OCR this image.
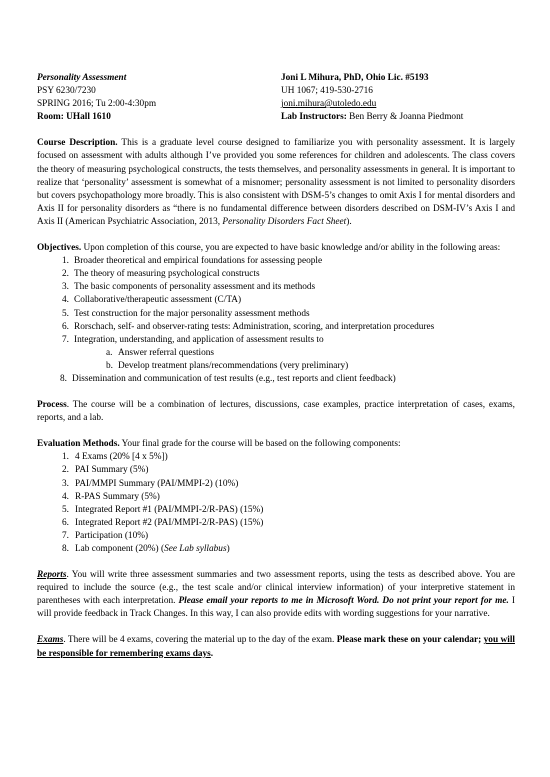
Personality Assessment
PSY 6230/7230
SPRING 2016; Tu 2:00-4:30pm
Room: UHall 1610
Joni L Mihura, PhD, Ohio Lic. #5193
UH 1067; 419-530-2716
joni.mihura@utoledo.edu
Lab Instructors: Ben Berry & Joanna Piedmont

Course Description. This is a graduate level course designed to familiarize you with personality assessment. It is largely focused on assessment with adults although I’ve provided you some references for children and adolescents. The class covers the theory of measuring psychological constructs, the tests themselves, and personality assessments in general. It is important to realize that ‘personality’ assessment is somewhat of a misnomer; personality assessment is not limited to personality disorders but covers psychopathology more broadly. This is also consistent with DSM-5’s changes to omit Axis I for mental disorders and Axis II for personality disorders as “there is no fundamental difference between disorders described on DSM-IV’s Axis I and Axis II (American Psychiatric Association, 2013, Personality Disorders Fact Sheet).

Objectives. Upon completion of this course, you are expected to have basic knowledge and/or ability in the following areas:

1. Broader theoretical and empirical foundations for assessing people
2. The theory of measuring psychological constructs
3. The basic components of personality assessment and its methods
4. Collaborative/therapeutic assessment (C/TA)
5. Test construction for the major personality assessment methods
6. Rorschach, self- and observer-rating tests: Administration, scoring, and interpretation procedures
7. Integration, understanding, and application of assessment results to
a. Answer referral questions
b. Develop treatment plans/recommendations (very preliminary)
8. Dissemination and communication of test results (e.g., test reports and client feedback)

Process. The course will be a combination of lectures, discussions, case examples, practice interpretation of cases, exams, reports, and a lab.

Evaluation Methods. Your final grade for the course will be based on the following components:

1. 4 Exams (20% [4 x 5%])
2. PAI Summary (5%)
3. PAI/MMPI Summary (PAI/MMPI-2) (10%)
4. R-PAS Summary (5%)
5. Integrated Report #1 (PAI/MMPI-2/R-PAS) (15%)
6. Integrated Report #2 (PAI/MMPI-2/R-PAS) (15%)
7. Participation (10%)
8. Lab component (20%) (See Lab syllabus)

Reports. You will write three assessment summaries and two assessment reports, using the tests as described above. You are required to include the source (e.g., the test scale and/or clinical interview information) of your interpretive statement in parentheses with each interpretation. Please email your reports to me in Microsoft Word. Do not print your report for me. I will provide feedback in Track Changes. In this way, I can also provide edits with wording suggestions for your narrative.

Exams. There will be 4 exams, covering the material up to the day of the exam. Please mark these on your calendar; you will be responsible for remembering exams days.
